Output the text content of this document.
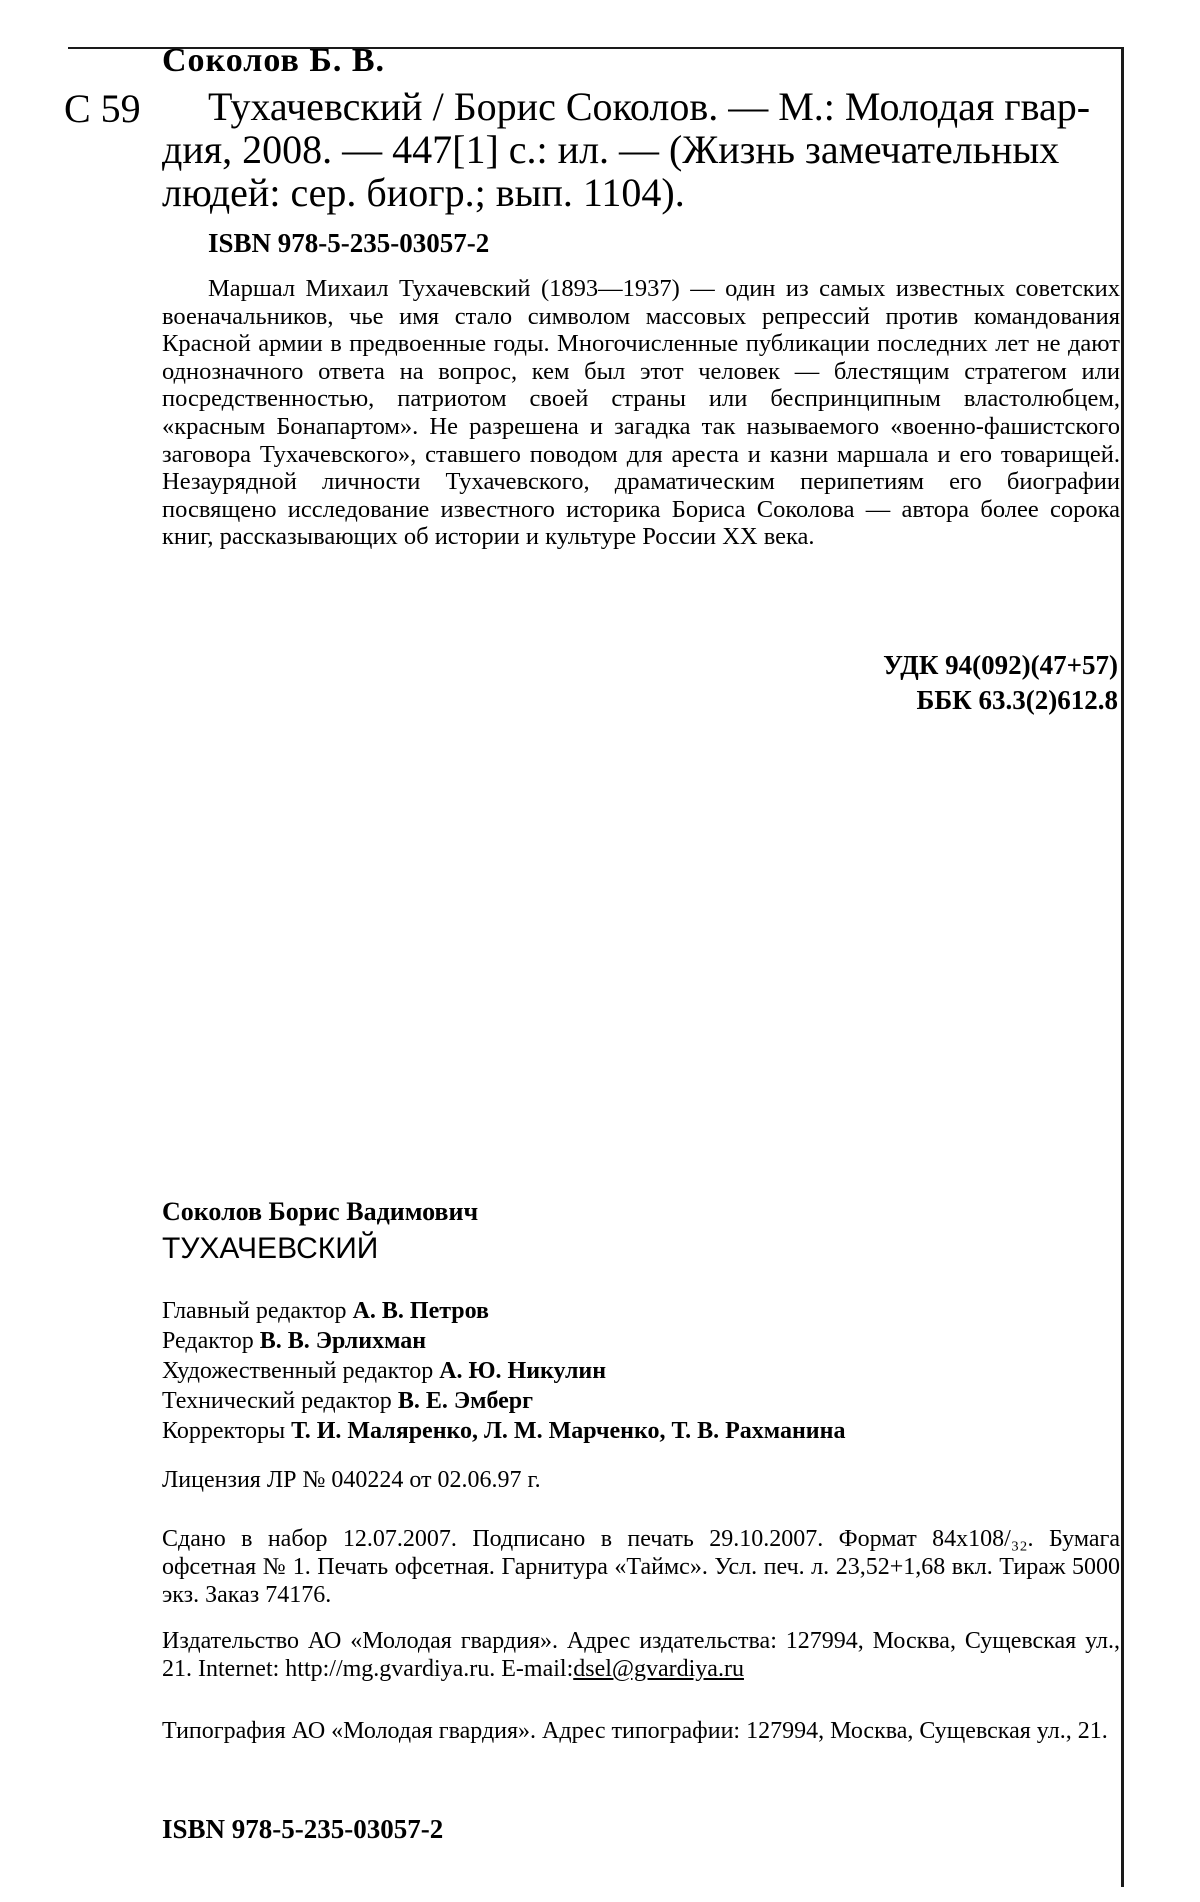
Соколов Б. В.
С 59	Тухачевский / Борис Соколов. — М.: Молодая гвар-
дия, 2008. — 447[1] с.: ил. — (Жизнь замечательных
людей: сер. биогр.; вып. 1104).
ISBN 978-5-235-03057-2
Маршал Михаил Тухачевский (1893—1937) — один из самых известных советских военачальников, чье имя стало символом массовых репрессий против командования Красной армии в предвоенные годы. Многочисленные публикации последних лет не дают однозначного ответа на вопрос, кем был этот человек — блестящим стратегом или посредственностью, патриотом своей страны или беспринципным властолюбцем, «красным Бонапартом». Не разрешена и загадка так называемого «военно-фашистского заговора Тухачевского», ставшего поводом для ареста и казни маршала и его товарищей. Незаурядной личности Тухачевского, драматическим перипетиям его биографии посвящено исследование известного историка Бориса Соколова — автора более сорока книг, рассказывающих об истории и культуре России XX века.
УДК 94(092)(47+57)
ББК 63.3(2)612.8
Соколов Борис Вадимович
ТУХАЧЕВСКИЙ
Главный редактор А. В. Петров
Редактор В. В. Эрлихман
Художественный редактор А. Ю. Никулин
Технический редактор В. Е. Эмберг
Корректоры Т. И. Маляренко, Л. М. Марченко, Т. В. Рахманина
Лицензия ЛР № 040224 от 02.06.97 г.
Сдано в набор 12.07.2007. Подписано в печать 29.10.2007. Формат 84x108/₃₂. Бумага офсетная № 1. Печать офсетная. Гарнитура «Таймс». Усл. печ. л. 23,52+1,68 вкл. Тираж 5000 экз. Заказ 74176.
Издательство АО «Молодая гвардия». Адрес издательства: 127994, Москва, Сущевская ул., 21. Internet: http://mg.gvardiya.ru. E-mail:dsel@gvardiya.ru
Типография АО «Молодая гвардия». Адрес типографии: 127994, Москва, Сущевская ул., 21.
ISBN 978-5-235-03057-2
